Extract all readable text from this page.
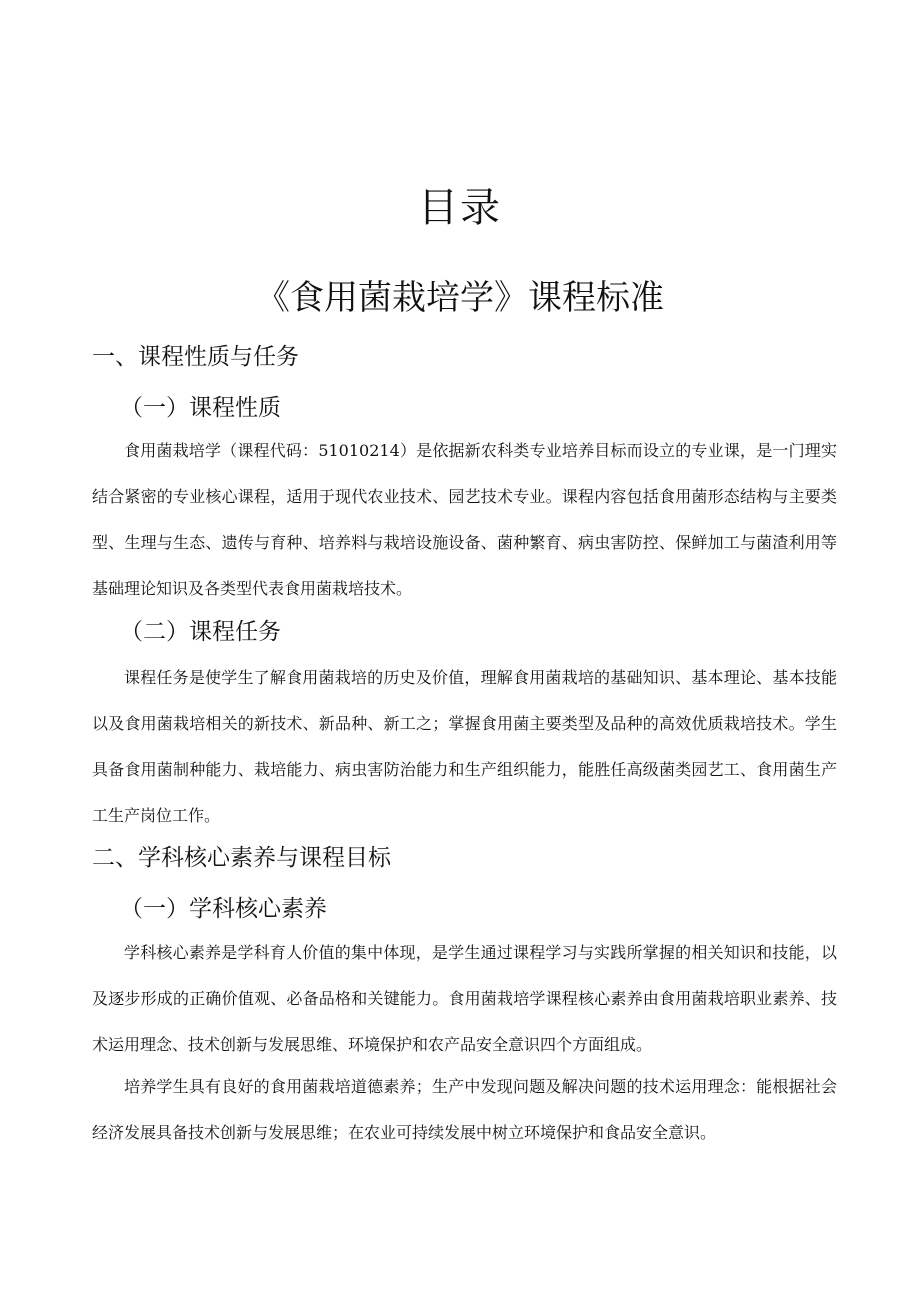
目录
《食用菌栽培学》课程标准
一、课程性质与任务
（一）课程性质

食用菌栽培学（课程代码：51010214）是依据新农科类专业培养目标而设立的专业课，是一门理实结合紧密的专业核心课程，适用于现代农业技术、园艺技术专业。课程内容包括食用菌形态结构与主要类型、生理与生态、遗传与育种、培养料与栽培设施设备、菌种繁育、病虫害防控、保鲜加工与菌渣利用等基础理论知识及各类型代表食用菌栽培技术。

（二）课程任务

课程任务是使学生了解食用菌栽培的历史及价值，理解食用菌栽培的基础知识、基本理论、基本技能以及食用菌栽培相关的新技术、新品种、新工之；掌握食用菌主要类型及品种的高效优质栽培技术。学生具备食用菌制种能力、栽培能力、病虫害防治能力和生产组织能力，能胜任高级菌类园艺工、食用菌生产工生产岗位工作。

二、学科核心素养与课程目标
（一）学科核心素养

学科核心素养是学科育人价值的集中体现，是学生通过课程学习与实践所掌握的相关知识和技能，以及逐步形成的正确价值观、必备品格和关键能力。食用菌栽培学课程核心素养由食用菌栽培职业素养、技术运用理念、技术创新与发展思维、环境保护和农产品安全意识四个方面组成。

培养学生具有良好的食用菌栽培道德素养；生产中发现问题及解决问题的技术运用理念：能根据社会经济发展具备技术创新与发展思维；在农业可持续发展中树立环境保护和食品安全意识。
